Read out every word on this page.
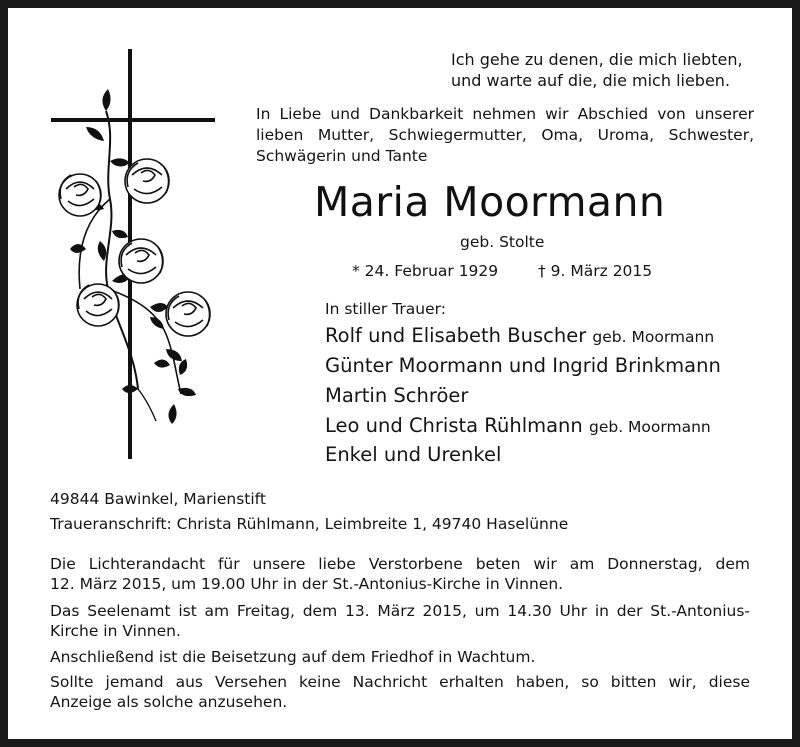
Ich gehe zu denen, die mich liebten,
und warte auf die, die mich lieben.
In Liebe und Dankbarkeit nehmen wir Abschied von unserer
lieben Mutter, Schwiegermutter, Oma, Uroma, Schwester,
Schwägerin und Tante
Maria Moormann
geb. Stolte
* 24. Februar 1929	† 9. März 2015
In stiller Trauer:
Rolf und Elisabeth Buscher geb. Moormann
Günter Moormann und Ingrid Brinkmann
Martin Schröer
Leo und Christa Rühlmann geb. Moormann
Enkel und Urenkel
49844 Bawinkel, Marienstift
Traueranschrift: Christa Rühlmann, Leimbreite 1, 49740 Haselünne
Die Lichterandacht für unsere liebe Verstorbene beten wir am Donnerstag, dem
12. März 2015, um 19.00 Uhr in der St.-Antonius-Kirche in Vinnen.
Das Seelenamt ist am Freitag, dem 13. März 2015, um 14.30 Uhr in der St.-Antonius-
Kirche in Vinnen.
Anschließend ist die Beisetzung auf dem Friedhof in Wachtum.
Sollte jemand aus Versehen keine Nachricht erhalten haben, so bitten wir, diese
Anzeige als solche anzusehen.
